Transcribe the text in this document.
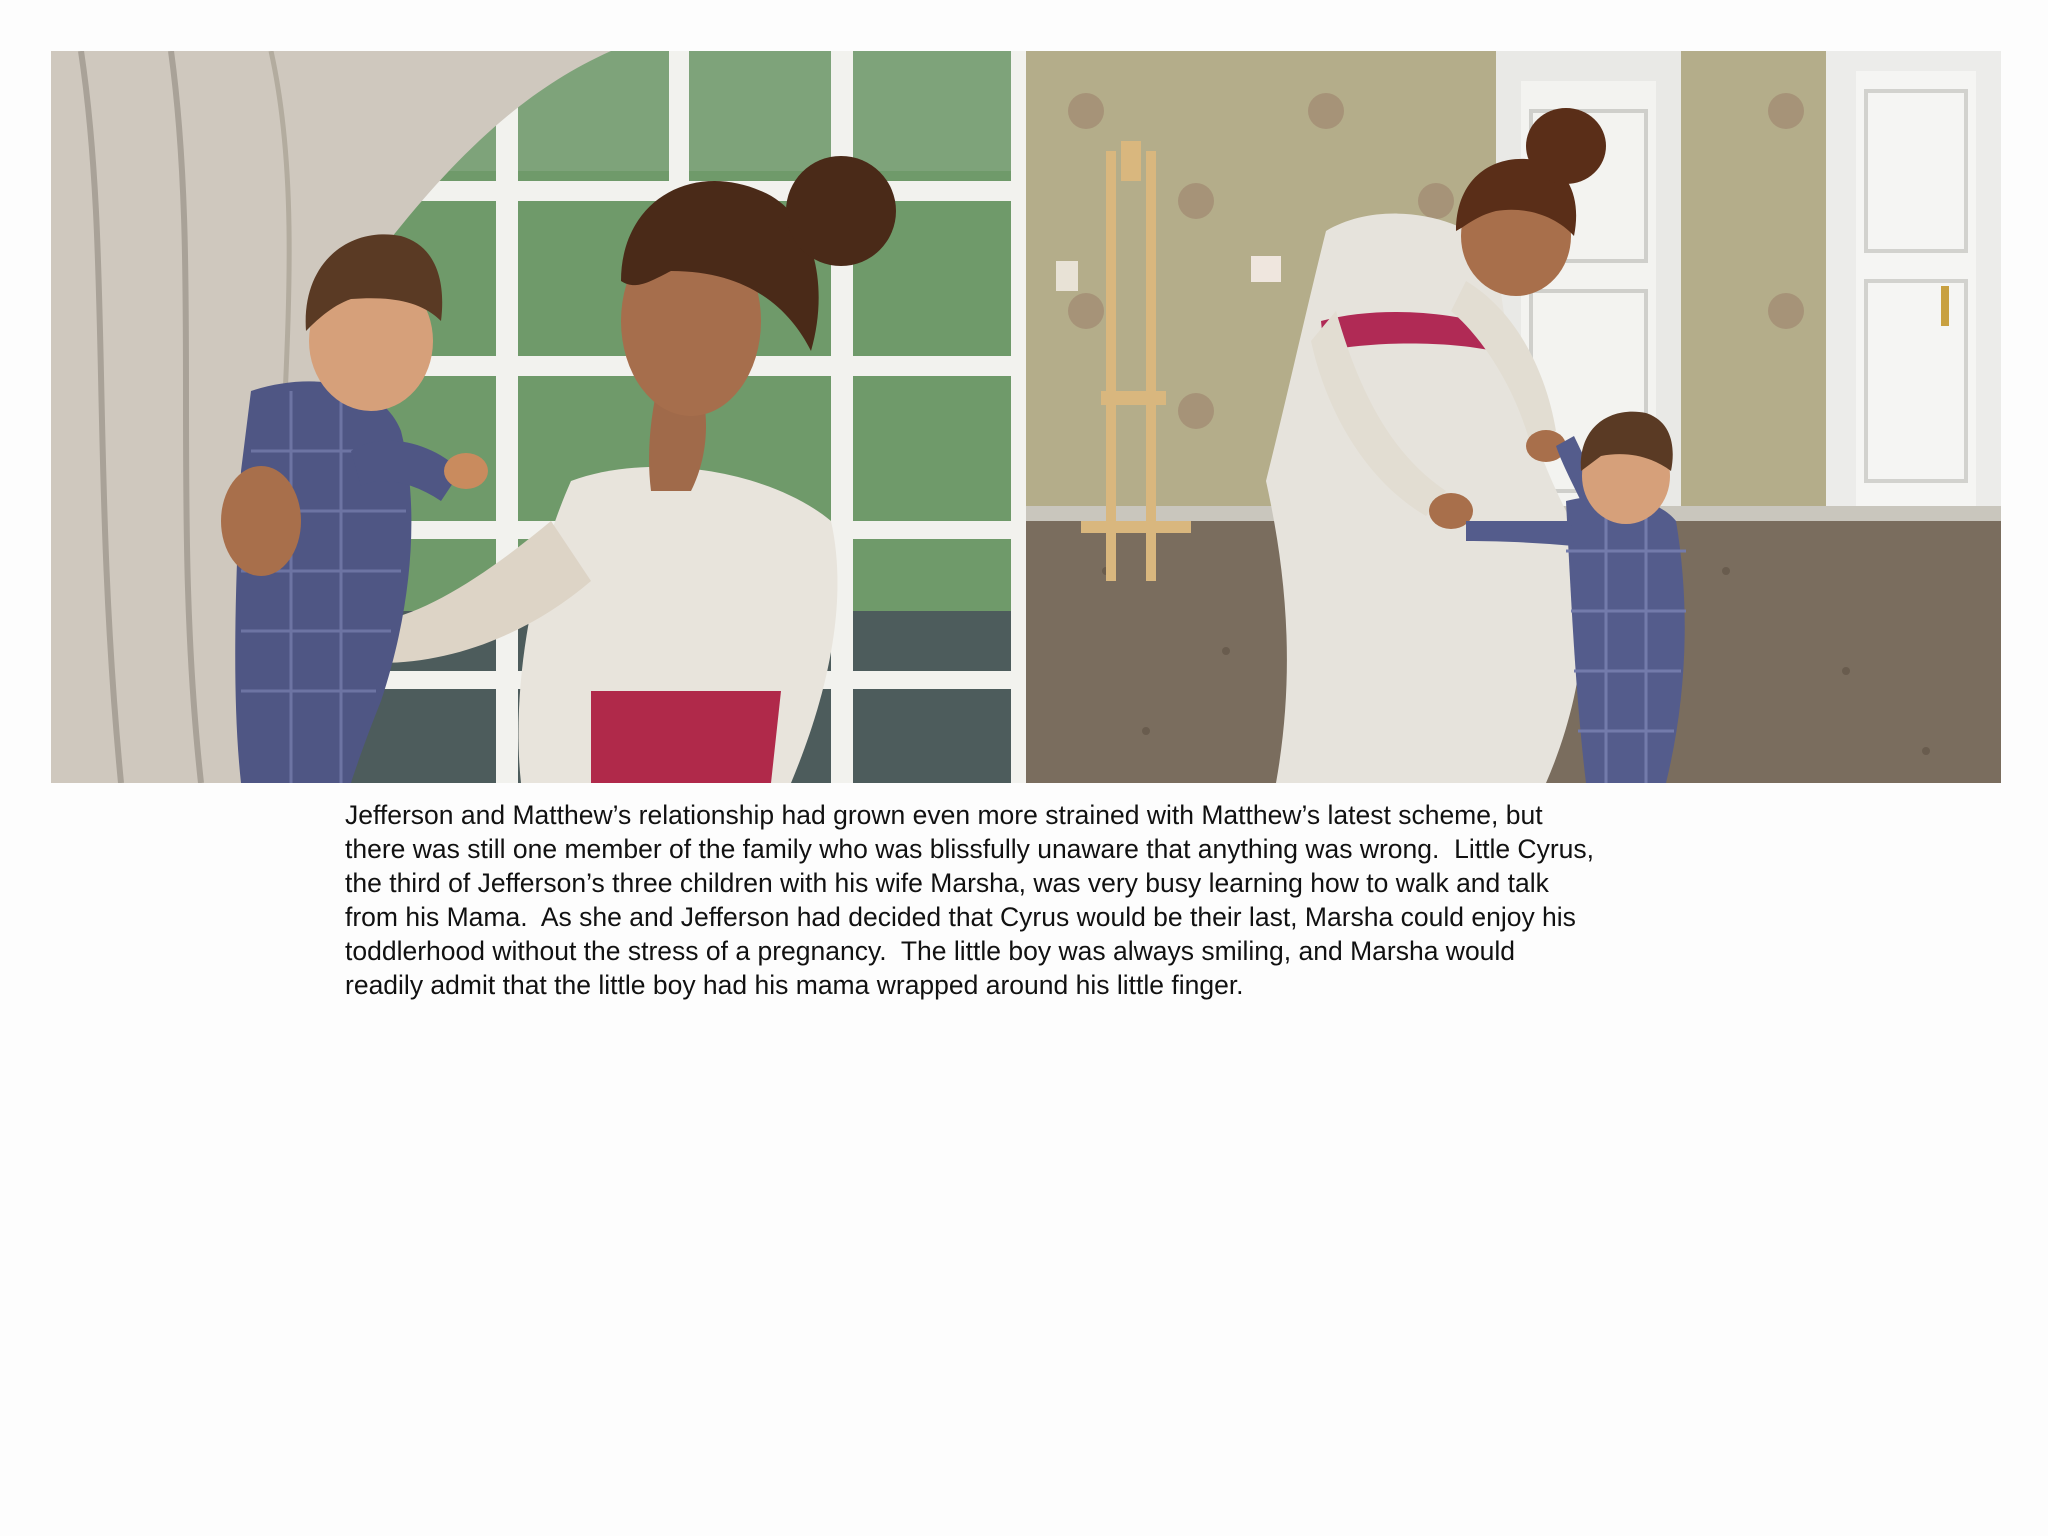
Jefferson and Matthew’s relationship had grown even more strained with Matthew’s latest scheme, but
there was still one member of the family who was blissfully unaware that anything was wrong.  Little Cyrus,
the third of Jefferson’s three children with his wife Marsha, was very busy learning how to walk and talk
from his Mama.  As she and Jefferson had decided that Cyrus would be their last, Marsha could enjoy his
toddlerhood without the stress of a pregnancy.  The little boy was always smiling, and Marsha would
readily admit that the little boy had his mama wrapped around his little finger.
